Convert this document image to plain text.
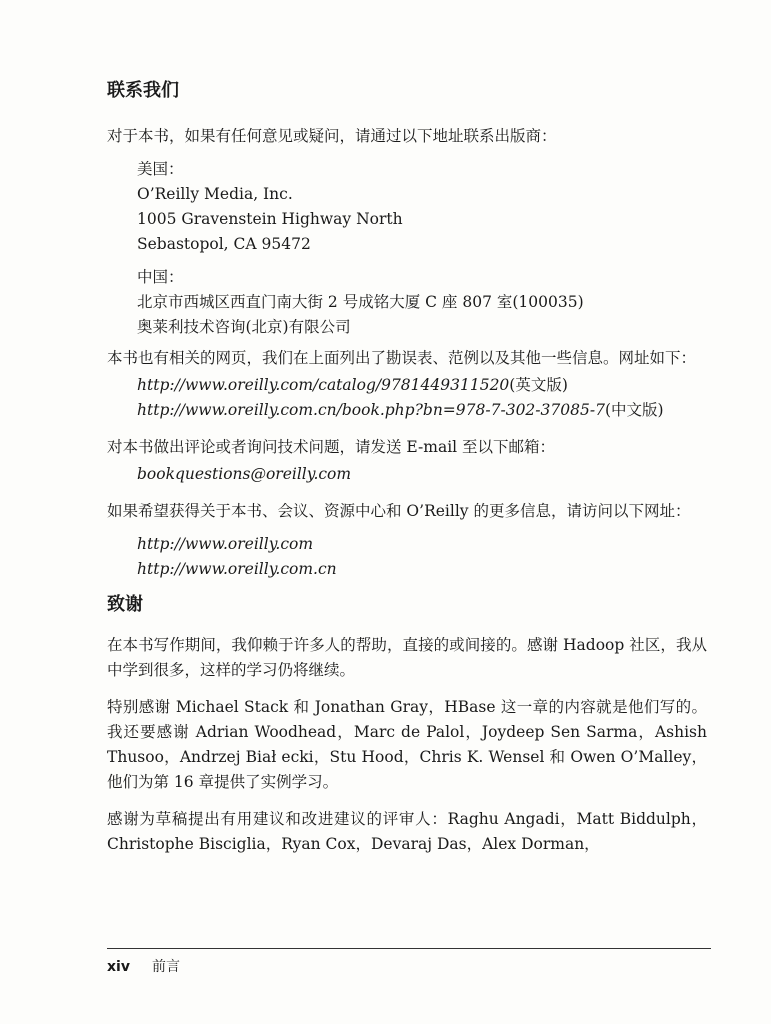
联系我们

对于本书，如果有任何意见或疑问，请通过以下地址联系出版商：

美国：
O’Reilly Media, Inc.
1005 Gravenstein Highway North
Sebastopol, CA 95472
中国：
北京市西城区西直门南大街 2 号成铭大厦 C 座 807 室(100035)
奥莱利技术咨询(北京)有限公司

本书也有相关的网页，我们在上面列出了勘误表、范例以及其他一些信息。网址如下：

http://www.oreilly.com/catalog/9781449311520(英文版)
http://www.oreilly.com.cn/book.php?bn=978-7-302-37085-7(中文版)

对本书做出评论或者询问技术问题，请发送 E-mail 至以下邮箱：

bookquestions@oreilly.com

如果希望获得关于本书、会议、资源中心和 O’Reilly 的更多信息，请访问以下网址：

http://www.oreilly.com
http://www.oreilly.com.cn
致谢

在本书写作期间，我仰赖于许多人的帮助，直接的或间接的。感谢 Hadoop 社区，我从中学到很多，这样的学习仍将继续。

特别感谢 Michael Stack 和 Jonathan Gray，HBase 这一章的内容就是他们写的。我还要感谢 Adrian Woodhead，Marc de Palol，Joydeep Sen Sarma，Ashish Thusoo，Andrzej Biał ecki，Stu Hood，Chris K. Wensel 和 Owen O’Malley，他们为第 16 章提供了实例学习。

感谢为草稿提出有用建议和改进建议的评审人：Raghu Angadi，Matt Biddulph，Christophe Bisciglia，Ryan Cox，Devaraj Das，Alex Dorman，

xiv 前言
